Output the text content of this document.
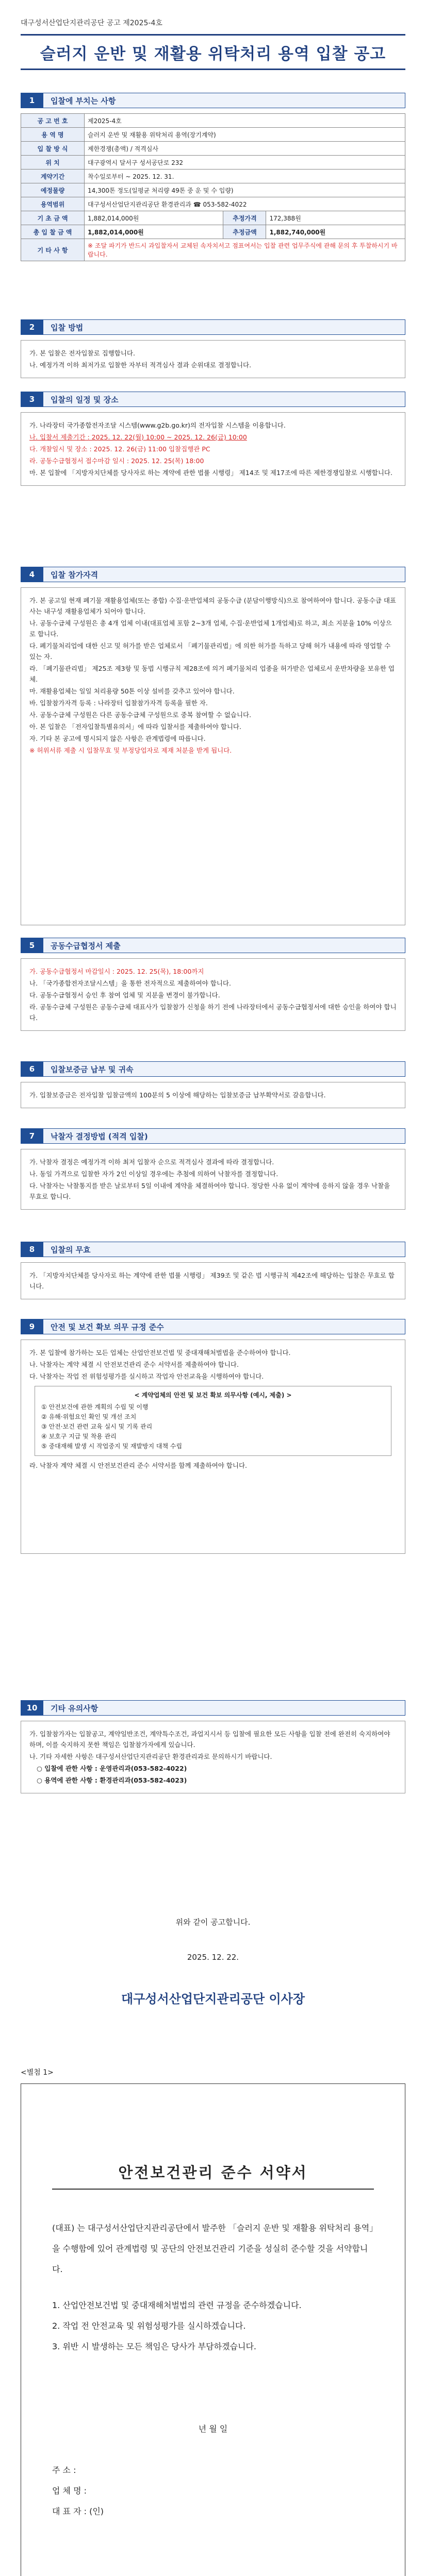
대구성서산업단지관리공단 공고 제2025-4호
슬러지 운반 및 재활용 위탁처리 용역 입찰 공고
1	입찰에 부치는 사항
공 고 번 호	제2025-4호		
용 역 명	슬러지 운반 및 재활용 위탁처리 용역(장기계약)		
입 찰 방 식	제한경쟁(총액) / 적격심사		
위 치	대구광역시 달서구 성서공단로 232		
계약기간	착수일로부터 ~ 2025. 12. 31.		
예정물량	14,300톤 정도(일평균 처리량 49톤 중 운 및 수 입량)		
용역범위	대구성서산업단지관리공단 환경관리과 ☎ 053-582-4022		
기 초 금 액	1,882,014,000원	추정가격	172,388원
총 입 찰 금 액	1,882,014,000원	추정금액	1,882,740,000원
기 타 사 항	※ 조달 파기가 반드시 과입찰자서 교체된 속자치서고 점표여서는 입찰 관련 업무주식에 관해 문의 후 투찰하시기 바랍니다.		
2	입찰 방법
가. 본 입찰은 전자입찰로 집행합니다.
나. 예정가격 이하 최저가로 입찰한 자부터 적격심사 결과 순위대로 결정합니다.
3	입찰의 일정 및 장소
가. 나라장터 국가종합전자조달 시스템(www.g2b.go.kr)의 전자입찰 시스템을 이용합니다.
나. 입찰서 제출기간 : 2025. 12. 22(월) 10:00 ~ 2025. 12. 26(금) 10:00
다. 개찰일시 및 장소 : 2025. 12. 26(금) 11:00 입찰집행관 PC
라. 공동수급협정서 접수마감 일시 : 2025. 12. 25(목) 18:00
마. 본 입찰에 「지방자치단체를 당사자로 하는 계약에 관한 법률 시행령」 제14조 및 제17조에 따른 제한경쟁입찰로 시행합니다.
4	입찰 참가자격
가. 본 공고일 현재 폐기물 재활용업체(또는 종합) 수집·운반업체의 공동수급 (분담이행방식)으로 참여하여야 합니다. 공동수급 대표사는 내구성 재활용업체가 되어야 합니다.
나. 공동수급체 구성원은 총 4개 업체 이내(대표업체 포함 2~3개 업체, 수집·운반업체 1개업체)로 하고, 최소 지분율 10% 이상으로 합니다.
다. 폐기물처리업에 대한 신고 및 허가를 받은 업체로서 「폐기물관리법」에 의한 허가를 득하고 당해 허가 내용에 따라 영업할 수 있는 자.
라. 「폐기물관리법」 제25조 제3항 및 동법 시행규칙 제28조에 의거 폐기물처리 업종을 허가받은 업체로서 운반차량을 보유한 업체.
마. 재활용업체는 일일 처리용량 50톤 이상 설비를 갖추고 있어야 합니다.
바. 입찰참가자격 등록 : 나라장터 입찰참가자격 등록을 필한 자.
사. 공동수급체 구성원은 다른 공동수급체 구성원으로 중복 참여할 수 없습니다.
아. 본 입찰은 「전자입찰특별유의서」에 따라 입찰서를 제출하여야 합니다.
자. 기타 본 공고에 명시되지 않은 사항은 관계법령에 따릅니다.
※ 허위서류 제출 시 입찰무효 및 부정당업자로 제재 처분을 받게 됩니다.
5	공동수급협정서 제출
가. 공동수급협정서 마감일시 : 2025. 12. 25(목), 18:00까지
나. 「국가종합전자조달시스템」을 통한 전자적으로 제출하여야 합니다.
다. 공동수급협정서 승인 후 참여 업체 및 지분율 변경이 불가합니다.
라. 공동수급체 구성원은 공동수급체 대표사가 입찰참가 신청을 하기 전에 나라장터에서 공동수급협정서에 대한 승인을 하여야 합니다.
6	입찰보증금 납부 및 귀속
가. 입찰보증금은 전자입찰 입찰금액의 100분의 5 이상에 해당하는 입찰보증금 납부확약서로 갈음합니다.
7	낙찰자 결정방법 (적격 입찰)
가. 낙찰자 결정은 예정가격 이하 최저 입찰자 순으로 적격심사 결과에 따라 결정합니다.
나. 동일 가격으로 입찰한 자가 2인 이상일 경우에는 추첨에 의하여 낙찰자를 결정합니다.
다. 낙찰자는 낙찰통지를 받은 날로부터 5일 이내에 계약을 체결하여야 합니다. 정당한 사유 없이 계약에 응하지 않을 경우 낙찰을 무효로 합니다.
8	입찰의 무효
가. 「지방자치단체를 당사자로 하는 계약에 관한 법률 시행령」 제39조 및 같은 법 시행규칙 제42조에 해당하는 입찰은 무효로 합니다.
9	안전 및 보건 확보 의무 규정 준수
가. 본 입찰에 참가하는 모든 업체는 산업안전보건법 및 중대재해처벌법을 준수하여야 합니다.
나. 낙찰자는 계약 체결 시 안전보건관리 준수 서약서를 제출하여야 합니다.
다. 낙찰자는 작업 전 위험성평가를 실시하고 작업자 안전교육을 시행하여야 합니다.
< 계약업체의 안전 및 보건 확보 의무사항 (예시, 제출) >
① 안전보건에 관한 계획의 수립 및 이행
② 유해·위험요인 확인 및 개선 조치
③ 안전·보건 관련 교육 실시 및 기록 관리
④ 보호구 지급 및 착용 관리
⑤ 중대재해 발생 시 작업중지 및 재발방지 대책 수립
라. 낙찰자 계약 체결 시 안전보건관리 준수 서약서를 함께 제출하여야 합니다.
10	기타 유의사항
가. 입찰참가자는 입찰공고, 계약일반조건, 계약특수조건, 과업지시서 등 입찰에 필요한 모든 사항을 입찰 전에 완전히 숙지하여야 하며, 이를 숙지하지 못한 책임은 입찰참가자에게 있습니다.
나. 기타 자세한 사항은 대구성서산업단지관리공단 환경관리과로 문의하시기 바랍니다.
○ 입찰에 관한 사항 : 운영관리과(053-582-4022)
○ 용역에 관한 사항 : 환경관리과(053-582-4023)
위와 같이 공고합니다.
2025. 12. 22.
대구성서산업단지관리공단 이사장
<별첨 1>
안전보건관리 준수 서약서
(대표) 는 대구성서산업단지관리공단에서 발주한 「슬러지 운반 및 재활용 위탁처리 용역」을 수행함에 있어 관계법령 및 공단의 안전보건관리 기준을 성실히 준수할 것을 서약합니다.
1. 산업안전보건법 및 중대재해처벌법의 관련 규정을 준수하겠습니다.
2. 작업 전 안전교육 및 위험성평가를 실시하겠습니다.
3. 위반 시 발생하는 모든 책임은 당사가 부담하겠습니다.
년 월 일
주 소 :
업 체 명 :
대 표 자 : (인)
